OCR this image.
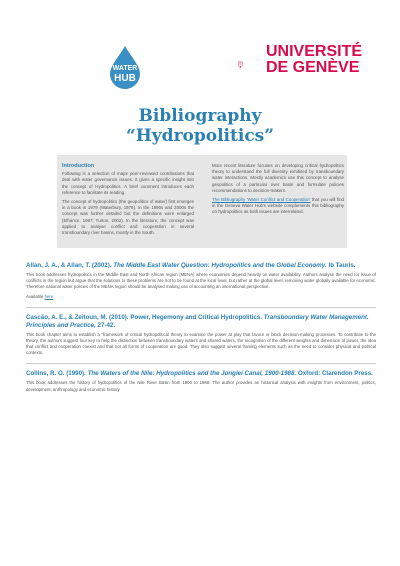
WATER
HUB
UNIVERSITÉ
DE GENÈVE
Bibliography
“Hydropolitics”
Introduction

Following is a selection of major peer-reviewed contributions that deal with water governance issues. It gives a specific insight into the concept of Hydropolitics. A brief comment introduces each reference to facilitate its reading.

The concept of hydropolitics (the geopolitics of water) first emerges in a book in 1979 (Waterbury, 1979). In the 1990s and 2000s the concept was further detailed but the definitions were enlarged (Elhance, 1997; Turton, 2002). In the literature, the concept was applied to analyse conflict and cooperation in several transboundary river basins, mostly in the South.

More recent literature focuses on developing critical hydropolitics theory to understand the full diversity exhibited by transboundary water interactions. Mostly academics use this concept to analyse geopolitics of a particular river basin and formulate policies recommendations to decision-makers.

The Bibliography 'Water Conflict and Cooperation' that you will find in the Geneva Water Hub's website complements this bibliography on hydropolitics as both issues are interrelated.

Allan, J. A., & Allan, T. (2002). The Middle East Water Question: Hydropolitics and the Global Economy. Ib Tauris.
This book addresses hydropolitics in the Middle East and North African region (MENA) where economies depend heavily on water availability. Authors analyse the need for issue of conflicts in the region but argue that the solutions to these problems are not to be found at the local level, but rather at the global level, removing water globally available for economic. Therefore national water policies of the MENA region should be analysed making use of accounting an international perspective.
Available here
Cascão, A. E., & Zeitoun, M. (2010). Power, Hegemony and Critical Hydropolitics. Transboundary Water Management. Principles and Practice, 27-42.
This book chapter aims to establish a "framework of critical hydropolitical theory to examine the power at play that favour or block decision-making processes. To contribute to the theory, the authors suggest four key to help the distinction between transboundary waters and shared waters, the recognition of the different weights and dimension of power, the idea that conflict and cooperation coexist and that not all forms of cooperation are good. They also suggest several framing elements such as the need to consider physical and political contexts.
Collins, R. O. (1990). The Waters of the Nile: Hydropolitics and the Jonglei Canal, 1900-1988. Oxford: Clarendon Press.
This book addresses the history of hydropolitics of the Nile River Basin from 1900 to 1988. The author provides an historical analysis with insights from environment, politics, development, anthropology and economic history.
